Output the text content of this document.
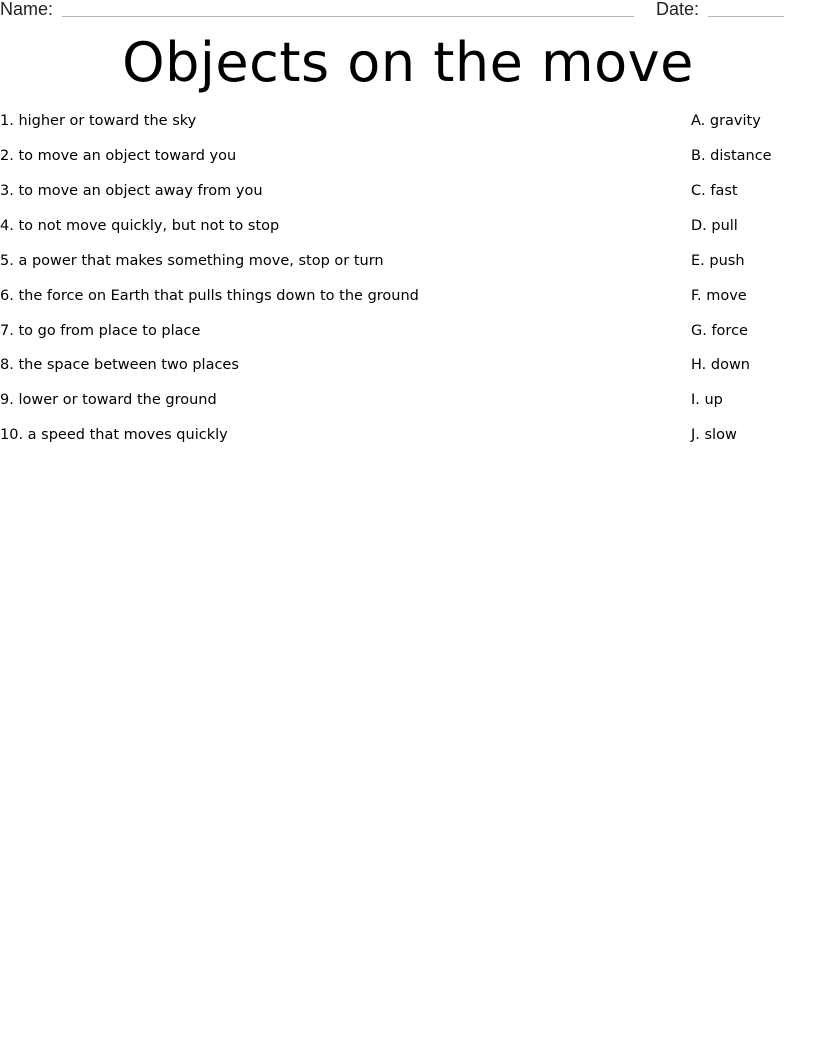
Name:	Date:
Objects on the move
1. higher or toward the sky	A. gravity
2. to move an object toward you	B. distance
3. to move an object away from you	C. fast
4. to not move quickly, but not to stop	D. pull
5. a power that makes something move, stop or turn	E. push
6. the force on Earth that pulls things down to the ground	F. move
7. to go from place to place	G. force
8. the space between two places	H. down
9. lower or toward the ground	I. up
10. a speed that moves quickly	J. slow
